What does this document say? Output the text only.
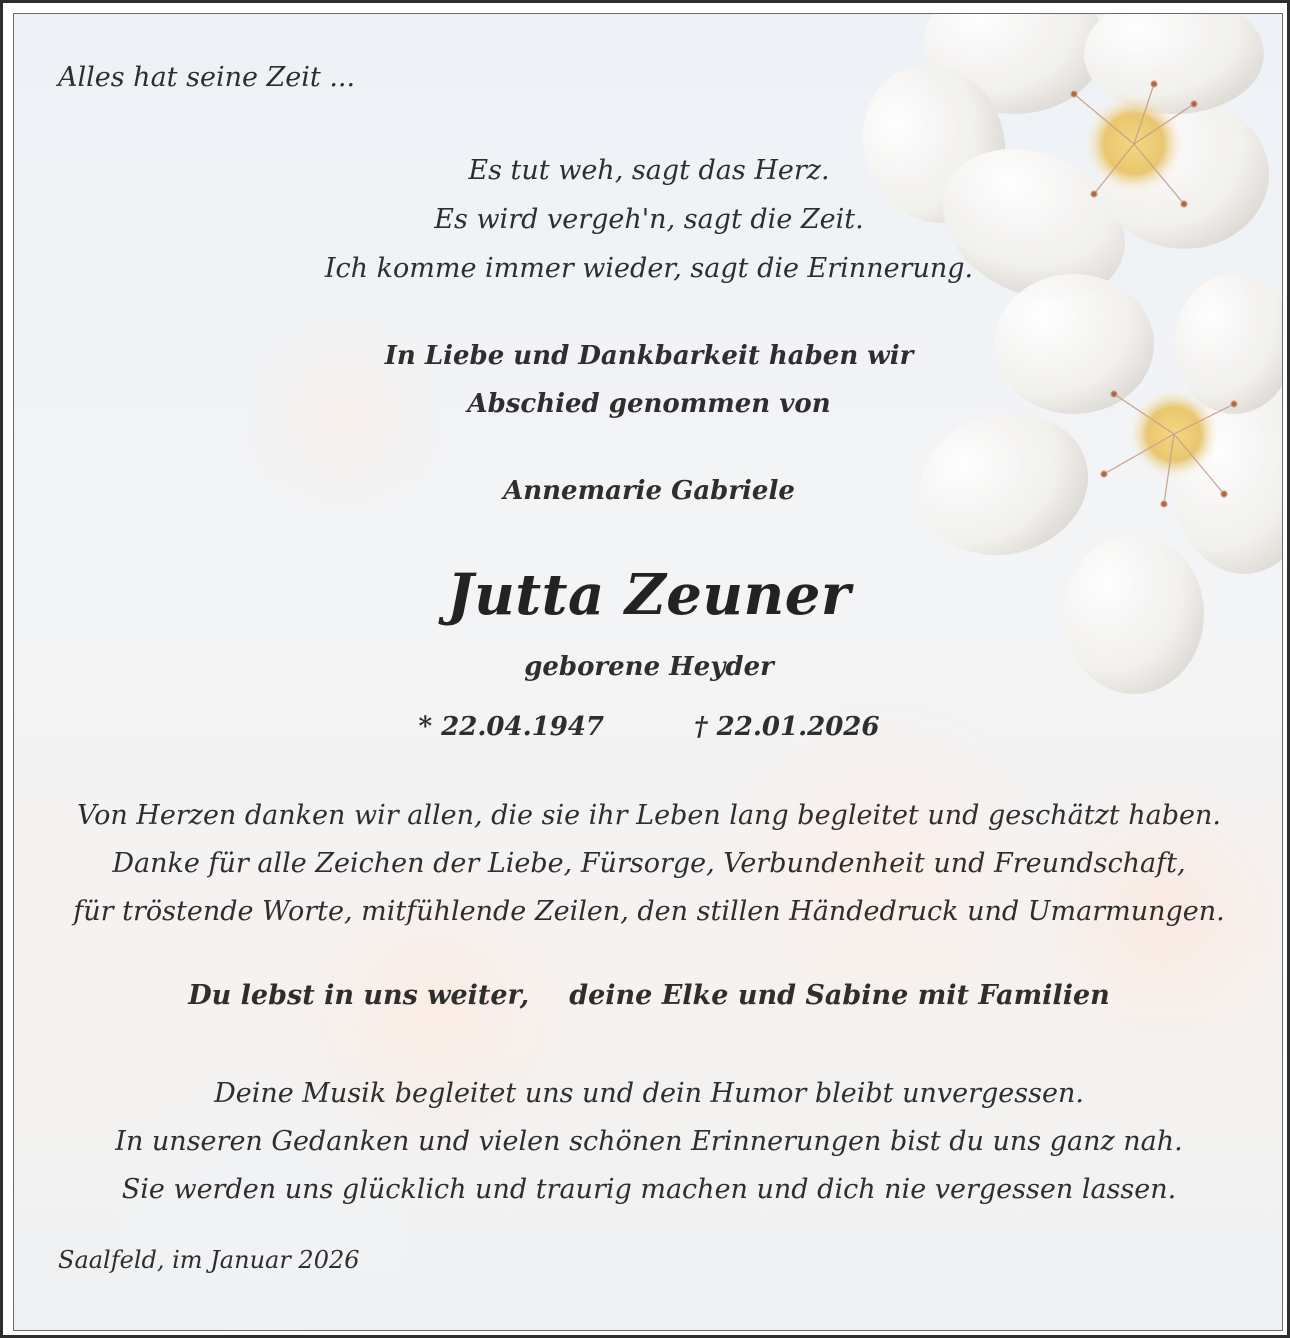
Alles hat seine Zeit ...

Es tut weh, sagt das Herz.
Es wird vergeh'n, sagt die Zeit.
Ich komme immer wieder, sagt die Erinnerung.

In Liebe und Dankbarkeit haben wir
Abschied genommen von

Annemarie Gabriele

Jutta Zeuner

geborene Heyder

* 22.04.1947	† 22.01.2026

Von Herzen danken wir allen, die sie ihr Leben lang begleitet und geschätzt haben.
Danke für alle Zeichen der Liebe, Fürsorge, Verbundenheit und Freundschaft,
für tröstende Worte, mitfühlende Zeilen, den stillen Händedruck und Umarmungen.

Du lebst in uns weiter, deine Elke und Sabine mit Familien

Deine Musik begleitet uns und dein Humor bleibt unvergessen.
In unseren Gedanken und vielen schönen Erinnerungen bist du uns ganz nah.
Sie werden uns glücklich und traurig machen und dich nie vergessen lassen.

Saalfeld, im Januar 2026
